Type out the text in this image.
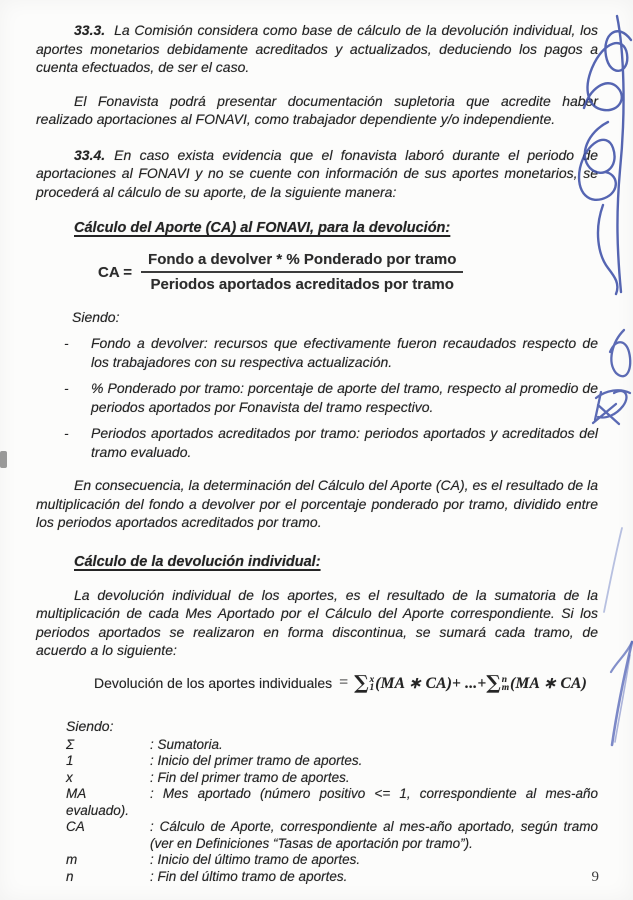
33.3. La Comisión considera como base de cálculo de la devolución individual, los aportes monetarios debidamente acreditados y actualizados, deduciendo los pagos a cuenta efectuados, de ser el caso.

El Fonavista podrá presentar documentación supletoria que acredite haber realizado aportaciones al FONAVI, como trabajador dependiente y/o independiente.

33.4. En caso exista evidencia que el fonavista laboró durante el periodo de aportaciones al FONAVI y no se cuente con información de sus aportes monetarios, se procederá al cálculo de su aporte, de la siguiente manera:

Cálculo del Aporte (CA) al FONAVI, para la devolución:
CA = $\frac{\text{Fondo a devolver * \% Ponderado por tramo}}{\text{Periodos aportados acreditados por tramo}}$

Siendo:

-	Fondo a devolver: recursos que efectivamente fueron recaudados respecto de los trabajadores con su respectiva actualización.
-	% Ponderado por tramo: porcentaje de aporte del tramo, respecto al promedio de periodos aportados por Fonavista del tramo respectivo.
-	Periodos aportados acreditados por tramo: periodos aportados y acreditados del tramo evaluado.

En consecuencia, la determinación del Cálculo del Aporte (CA), es el resultado de la multiplicación del fondo a devolver por el porcentaje ponderado por tramo, dividido entre los periodos aportados acreditados por tramo.

Cálculo de la devolución individual:

La devolución individual de los aportes, es el resultado de la sumatoria de la multiplicación de cada Mes Aportado por el Cálculo del Aporte correspondiente. Si los periodos aportados se realizaron en forma discontinua, se sumará cada tramo, de acuerdo a lo siguiente:

Devolución de los aportes individuales = ∑ x
1 (MA ∗ CA)+ ...+ ∑ n
m (MA ∗ CA)

Siendo:

Σ	: Sumatoria.
1	: Inicio del primer tramo de aportes.
x	: Fin del primer tramo de aportes.
MA	: Mes aportado (número positivo <= 1, correspondiente al mes-año evaluado).
CA	: Cálculo de Aporte, correspondiente al mes-año aportado, según tramo (ver en Definiciones “Tasas de aportación por tramo”).
m	: Inicio del último tramo de aportes.
n	: Fin del último tramo de aportes.	9
